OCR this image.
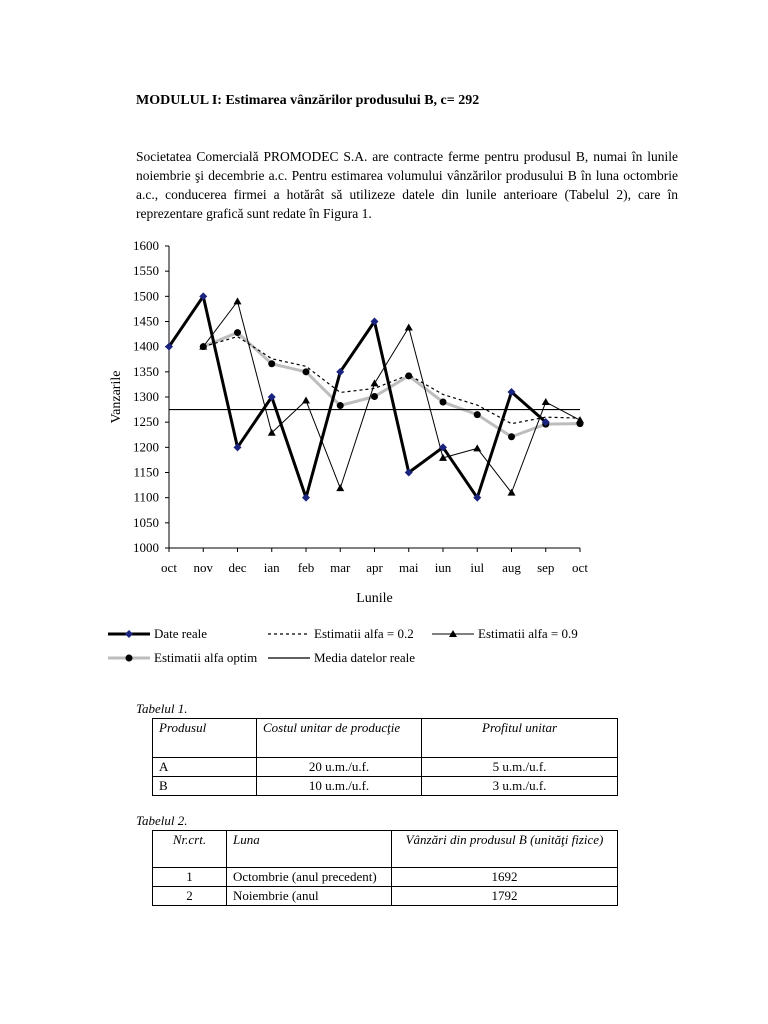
MODULUL I: Estimarea vânzărilor produsului B, c= 292
Societatea Comercială PROMODEC S.A. are contracte ferme pentru produsul B, numai în lunile noiembrie şi decembrie a.c. Pentru estimarea volumului vânzărilor produsului B în luna octombrie a.c., conducerea firmei a hotărât să utilizeze datele din lunile anterioare (Tabelul 2), care în reprezentare grafică sunt redate în Figura 1.
1000
1050
1100
1150
1200
1250
1300
1350
1400
1450
1500
1550
1600
oct nov dec ian feb mar apr mai iun iul aug sep oct
Lunile
Vanzarile
Date reale	Estimatii alfa = 0.2	Estimatii alfa = 0.9
Estimatii alfa optim	Media datelor reale
Tabelul 1.
Produsul	Costul unitar de producţie	Profitul unitar
A	20 u.m./u.f.	5 u.m./u.f.
B	10 u.m./u.f.	3 u.m./u.f.
Tabelul 2.
Nr.crt.	Luna	Vânzări din produsul B (unităţi fizice)
1	Octombrie (anul precedent)	1692
2	Noiembrie (anul	1792
